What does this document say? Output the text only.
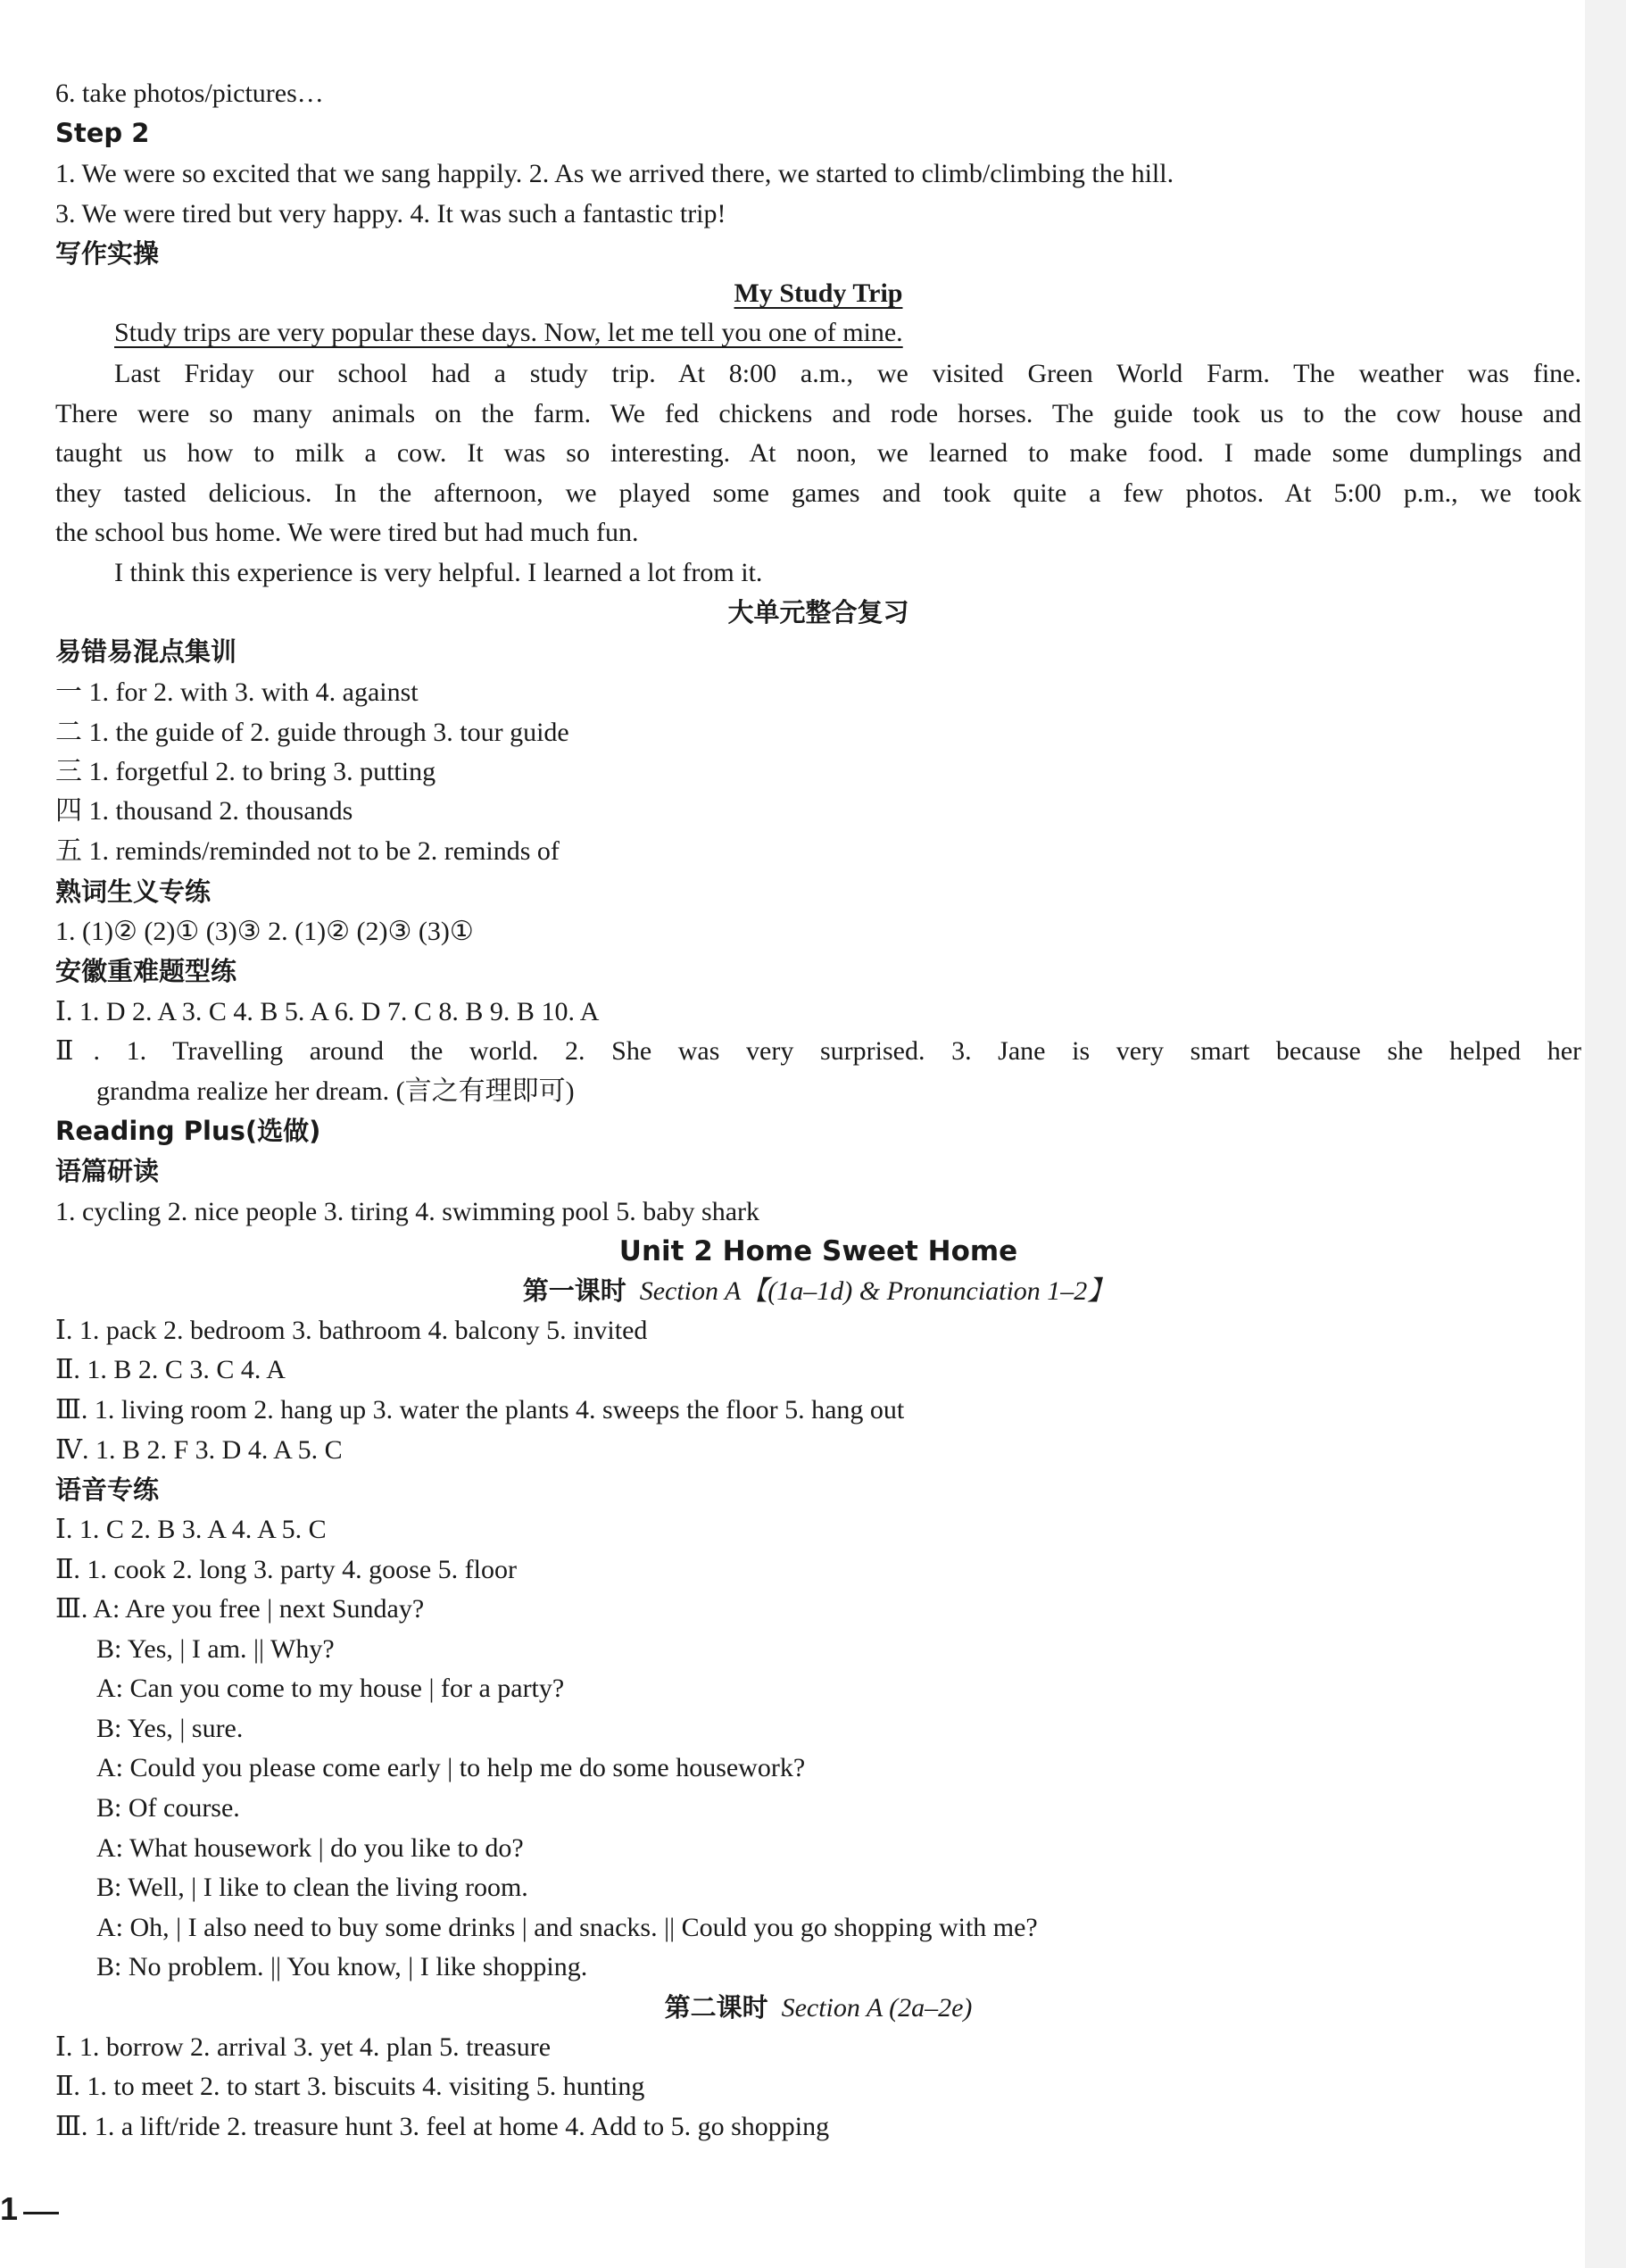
6. take photos/pictures…
Step 2
1. We were so excited that we sang happily. 2. As we arrived there, we started to climb/climbing the hill.
3. We were tired but very happy. 4. It was such a fantastic trip!
写作实操
My Study Trip
Study trips are very popular these days. Now, let me tell you one of mine.
Last Friday our school had a study trip. At 8:00 a.m., we visited Green World Farm. The weather was fine.
There were so many animals on the farm. We fed chickens and rode horses. The guide took us to the cow house and
taught us how to milk a cow. It was so interesting. At noon, we learned to make food. I made some dumplings and
they tasted delicious. In the afternoon, we played some games and took quite a few photos. At 5:00 p.m., we took
the school bus home. We were tired but had much fun.
I think this experience is very helpful. I learned a lot from it.
大单元整合复习
易错易混点集训
一 1. for 2. with 3. with 4. against
二 1. the guide of 2. guide through 3. tour guide
三 1. forgetful 2. to bring 3. putting
四 1. thousand 2. thousands
五 1. reminds/reminded not to be 2. reminds of
熟词生义专练
1. (1)② (2)① (3)③ 2. (1)② (2)③ (3)①
安徽重难题型练
Ⅰ. 1. D 2. A 3. C 4. B 5. A 6. D 7. C 8. B 9. B 10. A
Ⅱ. 1. Travelling around the world. 2. She was very surprised. 3. Jane is very smart because she helped her
grandma realize her dream. (言之有理即可)
Reading Plus(选做)
语篇研读
1. cycling 2. nice people 3. tiring 4. swimming pool 5. baby shark
Unit 2 Home Sweet Home
第一课时 Section A【(1a–1d) & Pronunciation 1–2】
Ⅰ. 1. pack 2. bedroom 3. bathroom 4. balcony 5. invited
Ⅱ. 1. B 2. C 3. C 4. A
Ⅲ. 1. living room 2. hang up 3. water the plants 4. sweeps the floor 5. hang out
Ⅳ. 1. B 2. F 3. D 4. A 5. C
语音专练
Ⅰ. 1. C 2. B 3. A 4. A 5. C
Ⅱ. 1. cook 2. long 3. party 4. goose 5. floor
Ⅲ. A: Are you free | next Sunday?
B: Yes, | I am. || Why?
A: Can you come to my house | for a party?
B: Yes, | sure.
A: Could you please come early | to help me do some housework?
B: Of course.
A: What housework | do you like to do?
B: Well, | I like to clean the living room.
A: Oh, | I also need to buy some drinks | and snacks. || Could you go shopping with me?
B: No problem. || You know, | I like shopping.
第二课时 Section A (2a–2e)
Ⅰ. 1. borrow 2. arrival 3. yet 4. plan 5. treasure
Ⅱ. 1. to meet 2. to start 3. biscuits 4. visiting 5. hunting
Ⅲ. 1. a lift/ride 2. treasure hunt 3. feel at home 4. Add to 5. go shopping
1
